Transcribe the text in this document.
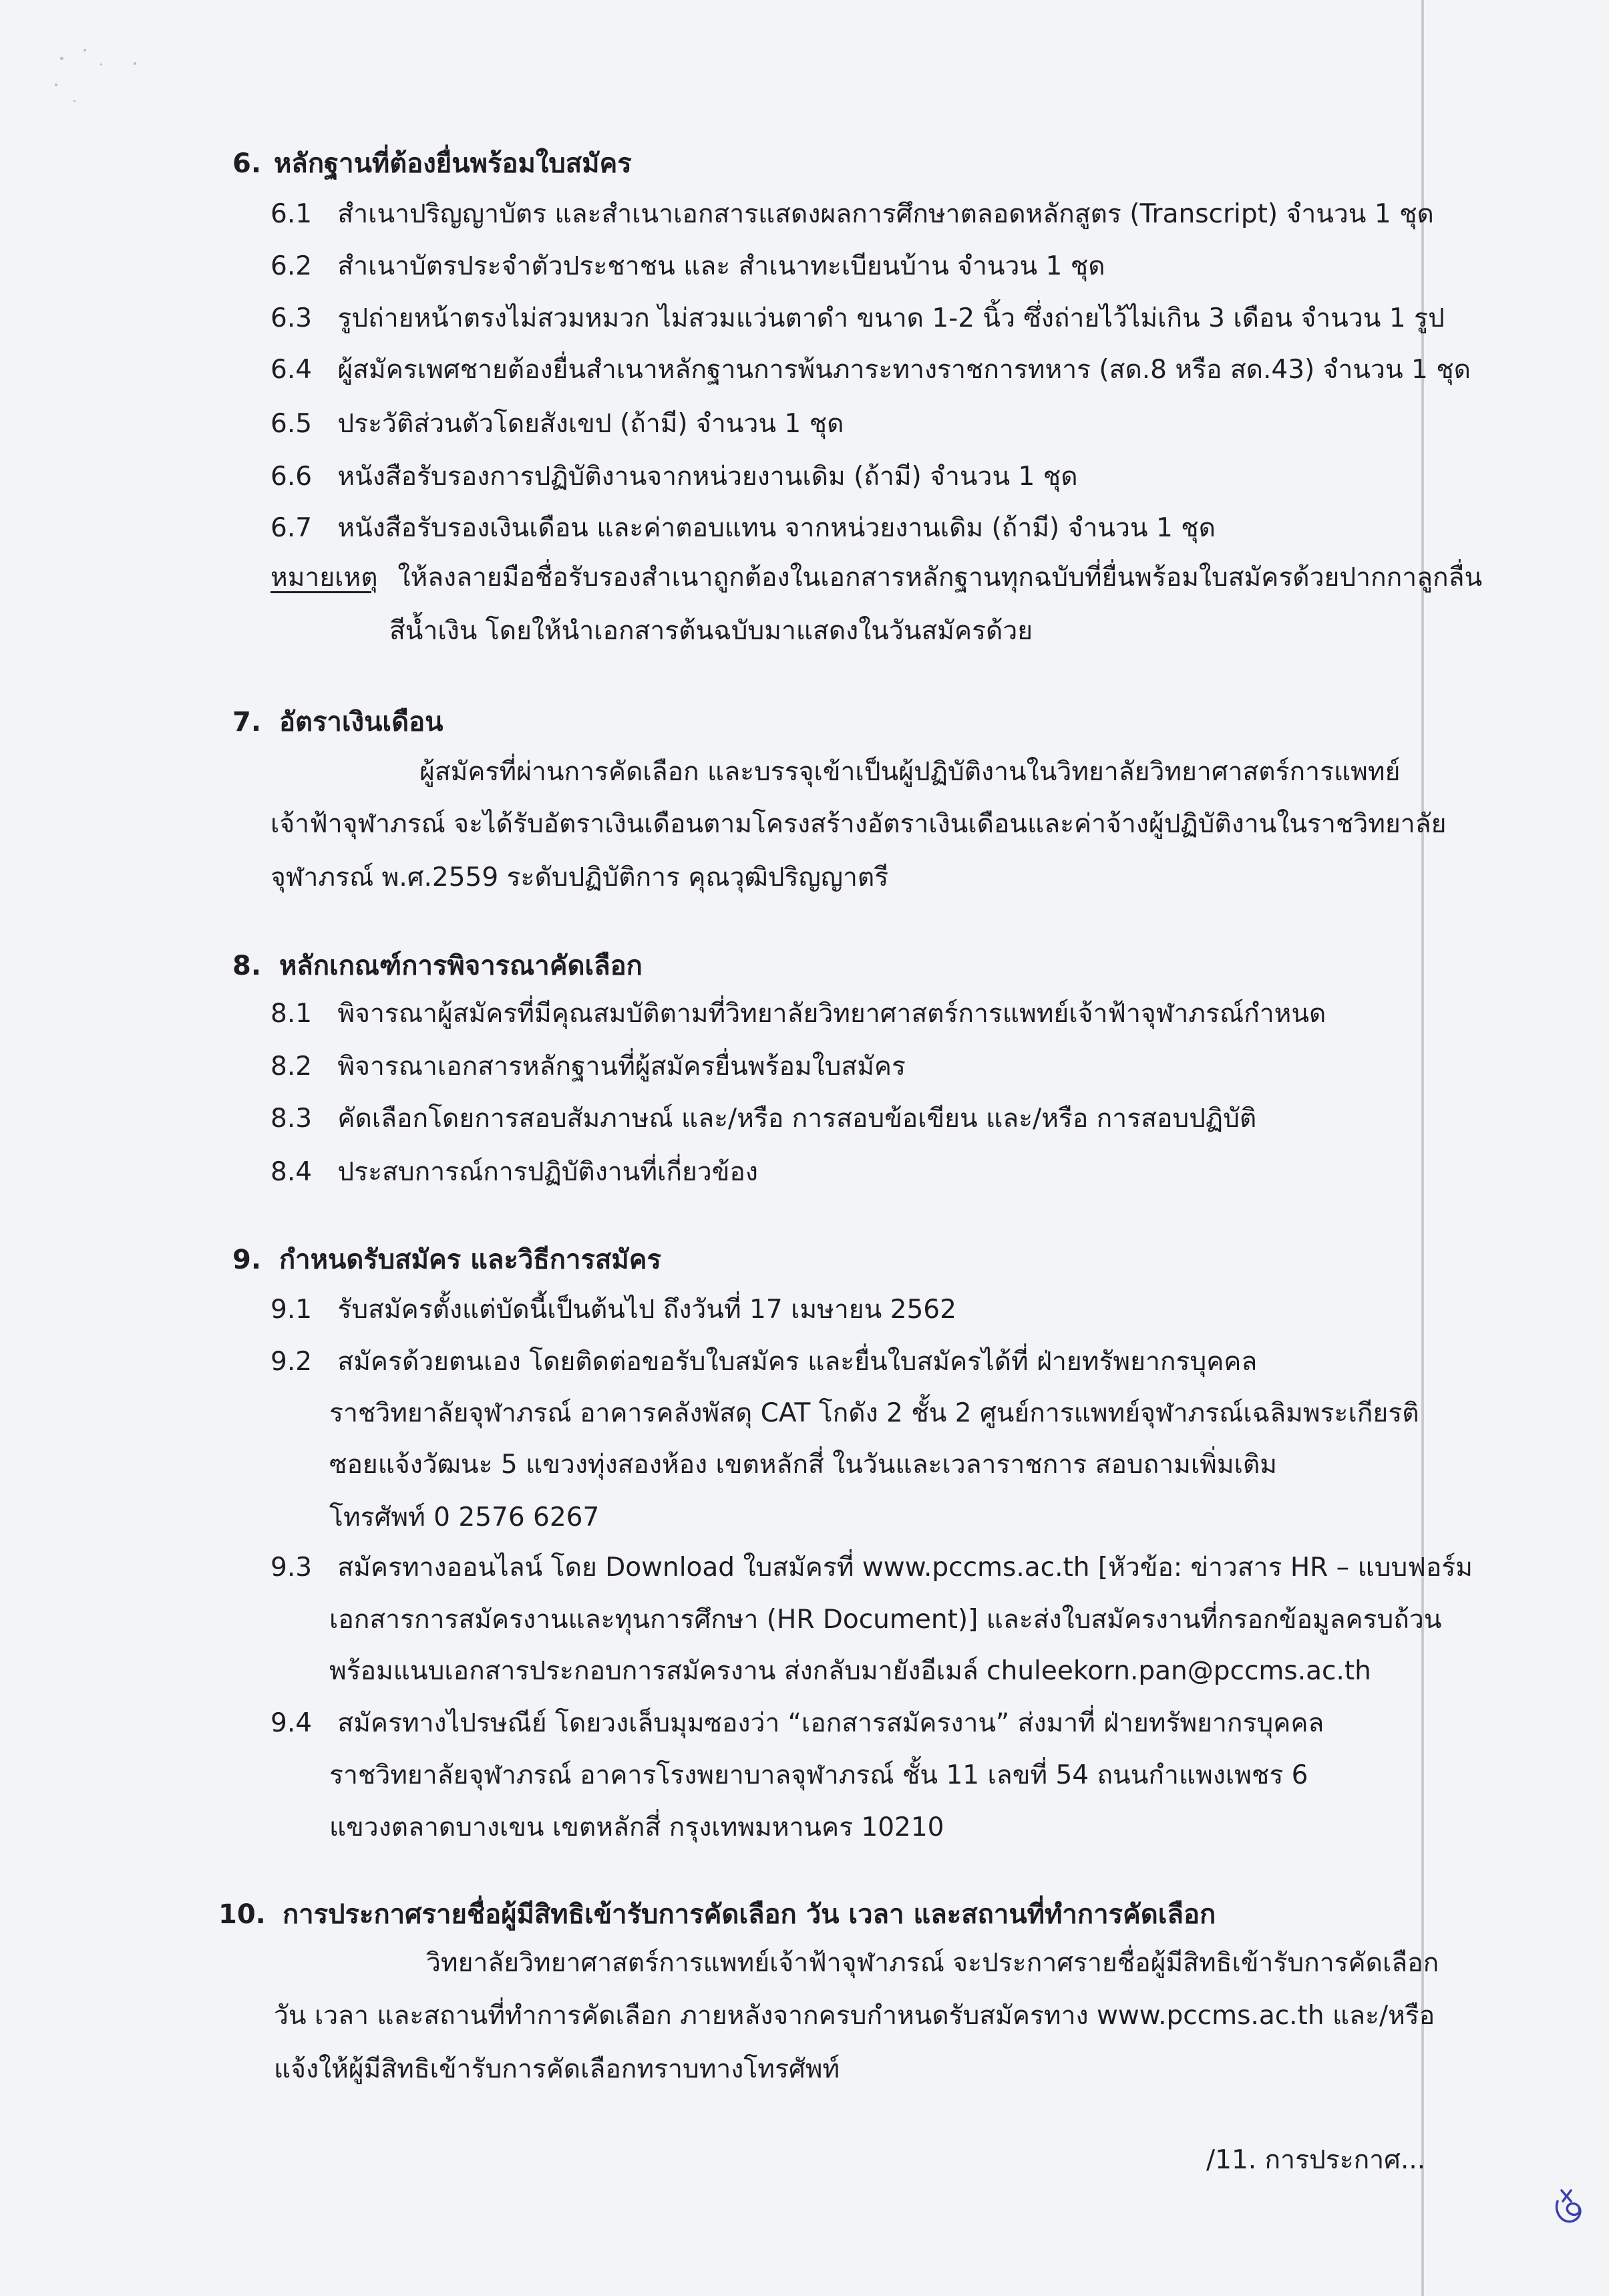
6. หลักฐานที่ต้องยื่นพร้อมใบสมัคร
6.1 สำเนาปริญญาบัตร และสำเนาเอกสารแสดงผลการศึกษาตลอดหลักสูตร (Transcript) จำนวน 1 ชุด
6.2 สำเนาบัตรประจำตัวประชาชน และ สำเนาทะเบียนบ้าน จำนวน 1 ชุด
6.3 รูปถ่ายหน้าตรงไม่สวมหมวก ไม่สวมแว่นตาดำ ขนาด 1-2 นิ้ว ซึ่งถ่ายไว้ไม่เกิน 3 เดือน จำนวน 1 รูป
6.4 ผู้สมัครเพศชายต้องยื่นสำเนาหลักฐานการพ้นภาระทางราชการทหาร (สด.8 หรือ สด.43) จำนวน 1 ชุด
6.5 ประวัติส่วนตัวโดยสังเขป (ถ้ามี) จำนวน 1 ชุด
6.6 หนังสือรับรองการปฏิบัติงานจากหน่วยงานเดิม (ถ้ามี) จำนวน 1 ชุด
6.7 หนังสือรับรองเงินเดือน และค่าตอบแทน จากหน่วยงานเดิม (ถ้ามี) จำนวน 1 ชุด
หมายเหตุ ให้ลงลายมือชื่อรับรองสำเนาถูกต้องในเอกสารหลักฐานทุกฉบับที่ยื่นพร้อมใบสมัครด้วยปากกาลูกลื่น
สีน้ำเงิน โดยให้นำเอกสารต้นฉบับมาแสดงในวันสมัครด้วย
7. อัตราเงินเดือน
ผู้สมัครที่ผ่านการคัดเลือก และบรรจุเข้าเป็นผู้ปฏิบัติงานในวิทยาลัยวิทยาศาสตร์การแพทย์
เจ้าฟ้าจุฬาภรณ์ จะได้รับอัตราเงินเดือนตามโครงสร้างอัตราเงินเดือนและค่าจ้างผู้ปฏิบัติงานในราชวิทยาลัย
จุฬาภรณ์ พ.ศ.2559 ระดับปฏิบัติการ คุณวุฒิปริญญาตรี
8. หลักเกณฑ์การพิจารณาคัดเลือก
8.1 พิจารณาผู้สมัครที่มีคุณสมบัติตามที่วิทยาลัยวิทยาศาสตร์การแพทย์เจ้าฟ้าจุฬาภรณ์กำหนด
8.2 พิจารณาเอกสารหลักฐานที่ผู้สมัครยื่นพร้อมใบสมัคร
8.3 คัดเลือกโดยการสอบสัมภาษณ์ และ/หรือ การสอบข้อเขียน และ/หรือ การสอบปฏิบัติ
8.4 ประสบการณ์การปฏิบัติงานที่เกี่ยวข้อง
9. กำหนดรับสมัคร และวิธีการสมัคร
9.1 รับสมัครตั้งแต่บัดนี้เป็นต้นไป ถึงวันที่ 17 เมษายน 2562
9.2 สมัครด้วยตนเอง โดยติดต่อขอรับใบสมัคร และยื่นใบสมัครได้ที่ ฝ่ายทรัพยากรบุคคล
ราชวิทยาลัยจุฬาภรณ์ อาคารคลังพัสดุ CAT โกดัง 2 ชั้น 2 ศูนย์การแพทย์จุฬาภรณ์เฉลิมพระเกียรติ
ซอยแจ้งวัฒนะ 5 แขวงทุ่งสองห้อง เขตหลักสี่ ในวันและเวลาราชการ สอบถามเพิ่มเติม
โทรศัพท์ 0 2576 6267
9.3 สมัครทางออนไลน์ โดย Download ใบสมัครที่ www.pccms.ac.th [หัวข้อ: ข่าวสาร HR – แบบฟอร์ม
เอกสารการสมัครงานและทุนการศึกษา (HR Document)] และส่งใบสมัครงานที่กรอกข้อมูลครบถ้วน
พร้อมแนบเอกสารประกอบการสมัครงาน ส่งกลับมายังอีเมล์ chuleekorn.pan@pccms.ac.th
9.4 สมัครทางไปรษณีย์ โดยวงเล็บมุมซองว่า “เอกสารสมัครงาน” ส่งมาที่ ฝ่ายทรัพยากรบุคคล
ราชวิทยาลัยจุฬาภรณ์ อาคารโรงพยาบาลจุฬาภรณ์ ชั้น 11 เลขที่ 54 ถนนกำแพงเพชร 6
แขวงตลาดบางเขน เขตหลักสี่ กรุงเทพมหานคร 10210
10. การประกาศรายชื่อผู้มีสิทธิเข้ารับการคัดเลือก วัน เวลา และสถานที่ทำการคัดเลือก
วิทยาลัยวิทยาศาสตร์การแพทย์เจ้าฟ้าจุฬาภรณ์ จะประกาศรายชื่อผู้มีสิทธิเข้ารับการคัดเลือก
วัน เวลา และสถานที่ทำการคัดเลือก ภายหลังจากครบกำหนดรับสมัครทาง www.pccms.ac.th และ/หรือ
แจ้งให้ผู้มีสิทธิเข้ารับการคัดเลือกทราบทางโทรศัพท์
/11. การประกาศ...
